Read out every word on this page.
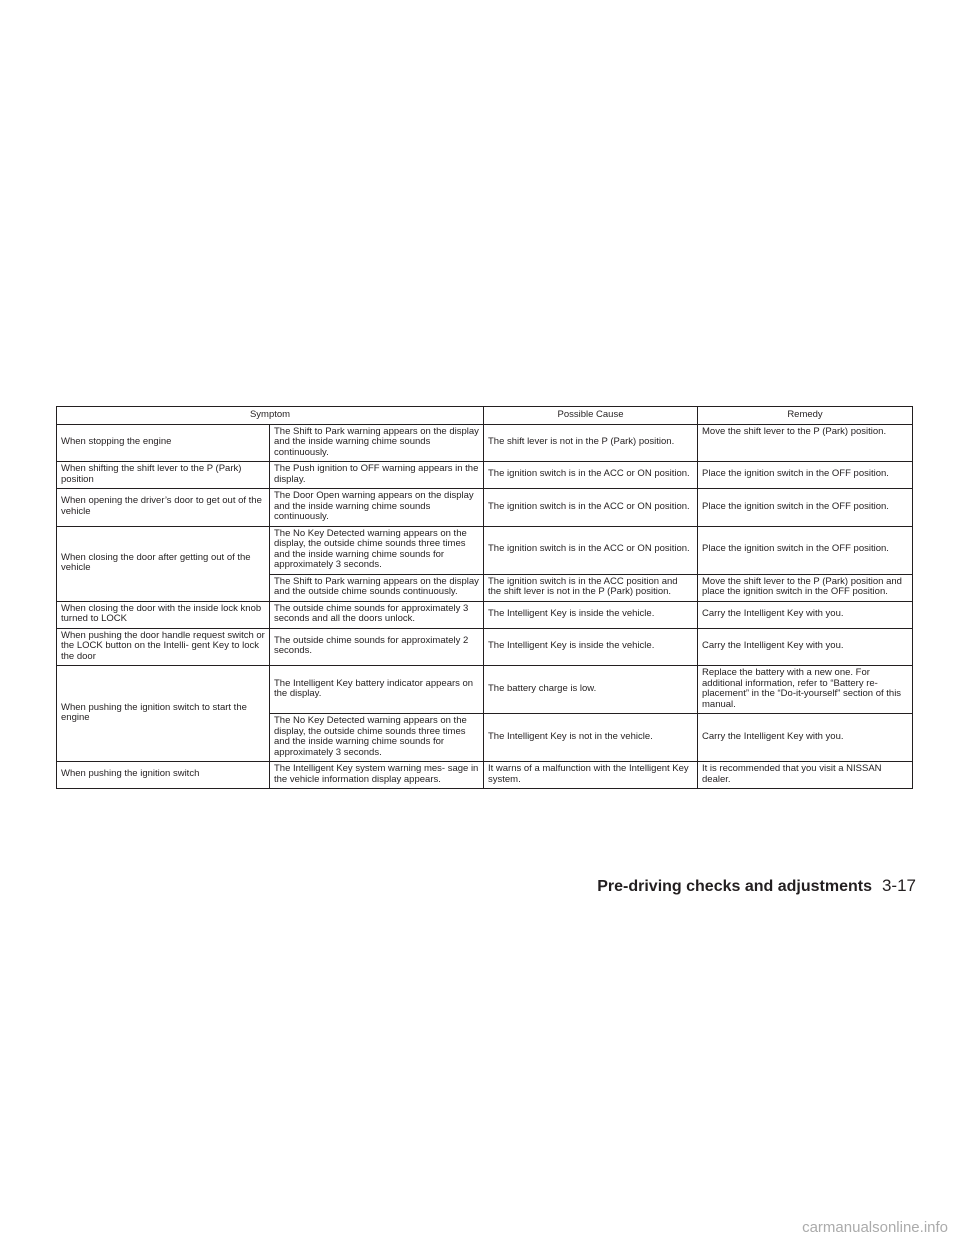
Symptom		Possible Cause	Remedy
When stopping the engine	The Shift to Park warning appears on the display and the inside warning chime sounds continuously.	The shift lever is not in the P (Park) position.	Move the shift lever to the P (Park) position.
When shifting the shift lever to the P (Park) position	The Push ignition to OFF warning appears in the display.	The ignition switch is in the ACC or ON position.	Place the ignition switch in the OFF position.
When opening the driver’s door to get out of the vehicle	The Door Open warning appears on the display and the inside warning chime sounds continuously.	The ignition switch is in the ACC or ON position.	Place the ignition switch in the OFF position.
When closing the door after getting out of the vehicle	The No Key Detected warning appears on the display, the outside chime sounds three times and the inside warning chime sounds for approximately 3 seconds.	The ignition switch is in the ACC or ON position.	Place the ignition switch in the OFF position.
	The Shift to Park warning appears on the display and the outside chime sounds continuously.	The ignition switch is in the ACC position and the shift lever is not in the P (Park) position.	Move the shift lever to the P (Park) position and place the ignition switch in the OFF position.
When closing the door with the inside lock knob turned to LOCK	The outside chime sounds for approximately 3 seconds and all the doors unlock.	The Intelligent Key is inside the vehicle.	Carry the Intelligent Key with you.
When pushing the door handle request switch or the LOCK button on the Intelli- gent Key to lock the door	The outside chime sounds for approximately 2 seconds.	The Intelligent Key is inside the vehicle.	Carry the Intelligent Key with you.
When pushing the ignition switch to start the engine	The Intelligent Key battery indicator appears on the display.	The battery charge is low.	Replace the battery with a new one. For additional information, refer to “Battery re- placement” in the “Do-it-yourself” section of this manual.
	The No Key Detected warning appears on the display, the outside chime sounds three times and the inside warning chime sounds for approximately 3 seconds.	The Intelligent Key is not in the vehicle.	Carry the Intelligent Key with you.
When pushing the ignition switch	The Intelligent Key system warning mes- sage in the vehicle information display appears.	It warns of a malfunction with the Intelligent Key system.	It is recommended that you visit a NISSAN dealer.
Pre-driving checks and adjustments 3-17
carmanualsonline.info
